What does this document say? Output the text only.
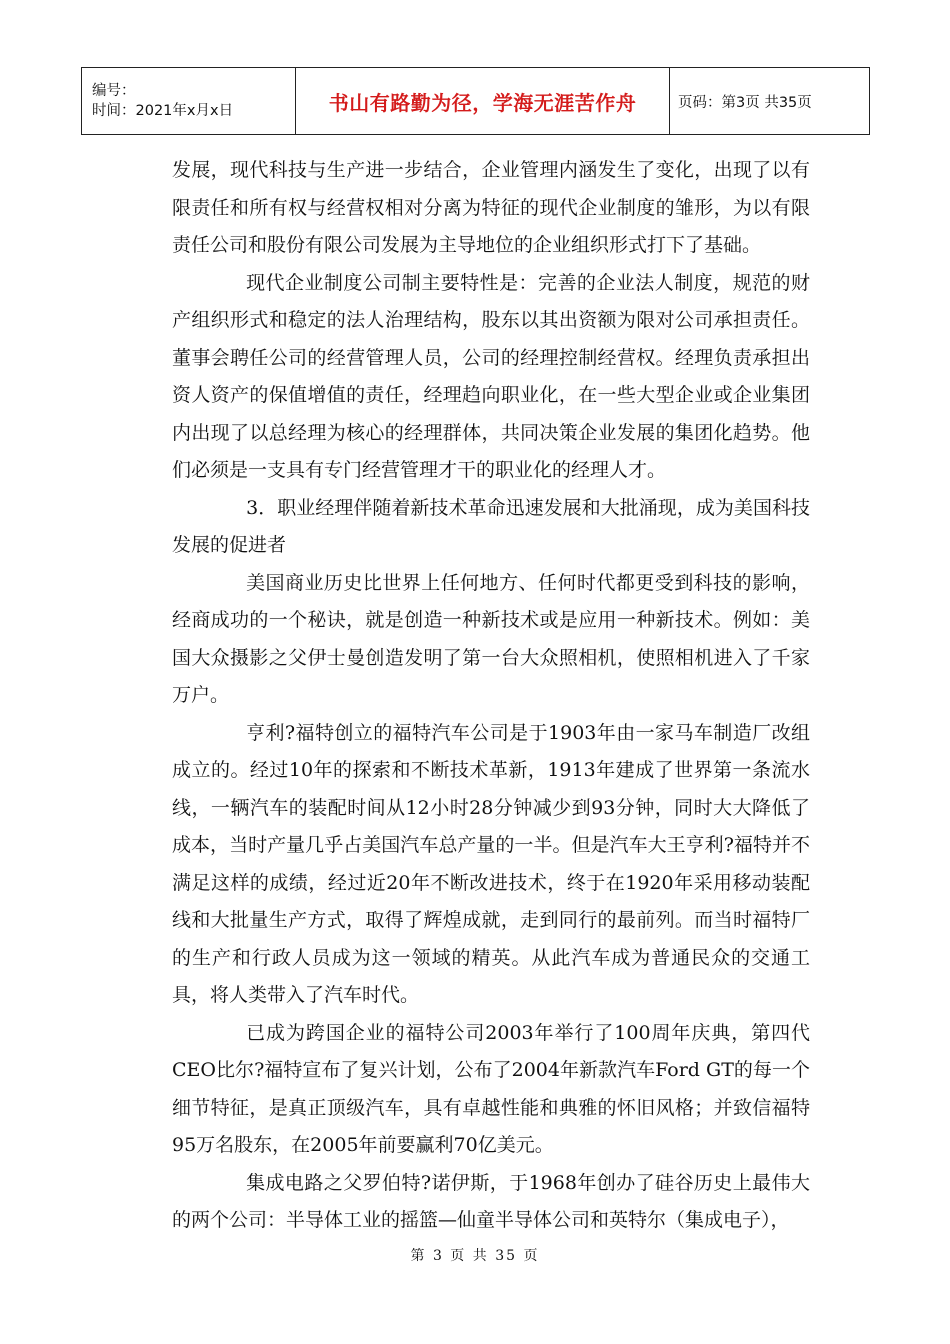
编号：
时间：2021年x月x日	书山有路勤为径，学海无涯苦作舟	页码：第3页 共35页

发展，现代科技与生产进一步结合，企业管理内涵发生了变化，出现了以有限责任和所有权与经营权相对分离为特征的现代企业制度的雏形，为以有限责任公司和股份有限公司发展为主导地位的企业组织形式打下了基础。

现代企业制度公司制主要特性是：完善的企业法人制度，规范的财产组织形式和稳定的法人治理结构，股东以其出资额为限对公司承担责任。董事会聘任公司的经营管理人员，公司的经理控制经营权。经理负责承担出资人资产的保值增值的责任，经理趋向职业化，在一些大型企业或企业集团内出现了以总经理为核心的经理群体，共同决策企业发展的集团化趋势。他们必须是一支具有专门经营管理才干的职业化的经理人才。

3．职业经理伴随着新技术革命迅速发展和大批涌现，成为美国科技发展的促进者

美国商业历史比世界上任何地方、任何时代都更受到科技的影响，经商成功的一个秘诀，就是创造一种新技术或是应用一种新技术。例如：美国大众摄影之父伊士曼创造发明了第一台大众照相机，使照相机进入了千家万户。

亨利?福特创立的福特汽车公司是于1903年由一家马车制造厂改组成立的。经过10年的探索和不断技术革新，1913年建成了世界第一条流水线，一辆汽车的装配时间从12小时28分钟减少到93分钟，同时大大降低了成本，当时产量几乎占美国汽车总产量的一半。但是汽车大王亨利?福特并不满足这样的成绩，经过近20年不断改进技术，终于在1920年采用移动装配线和大批量生产方式，取得了辉煌成就，走到同行的最前列。而当时福特厂的生产和行政人员成为这一领域的精英。从此汽车成为普通民众的交通工具，将人类带入了汽车时代。

已成为跨国企业的福特公司2003年举行了100周年庆典，第四代CEO比尔?福特宣布了复兴计划，公布了2004年新款汽车Ford GT的每一个细节特征，是真正顶级汽车，具有卓越性能和典雅的怀旧风格；并致信福特95万名股东，在2005年前要赢利70亿美元。

集成电路之父罗伯特?诺伊斯，于1968年创办了硅谷历史上最伟大的两个公司：半导体工业的摇篮—仙童半导体公司和英特尔（集成电子），

第 3 页 共 35 页
